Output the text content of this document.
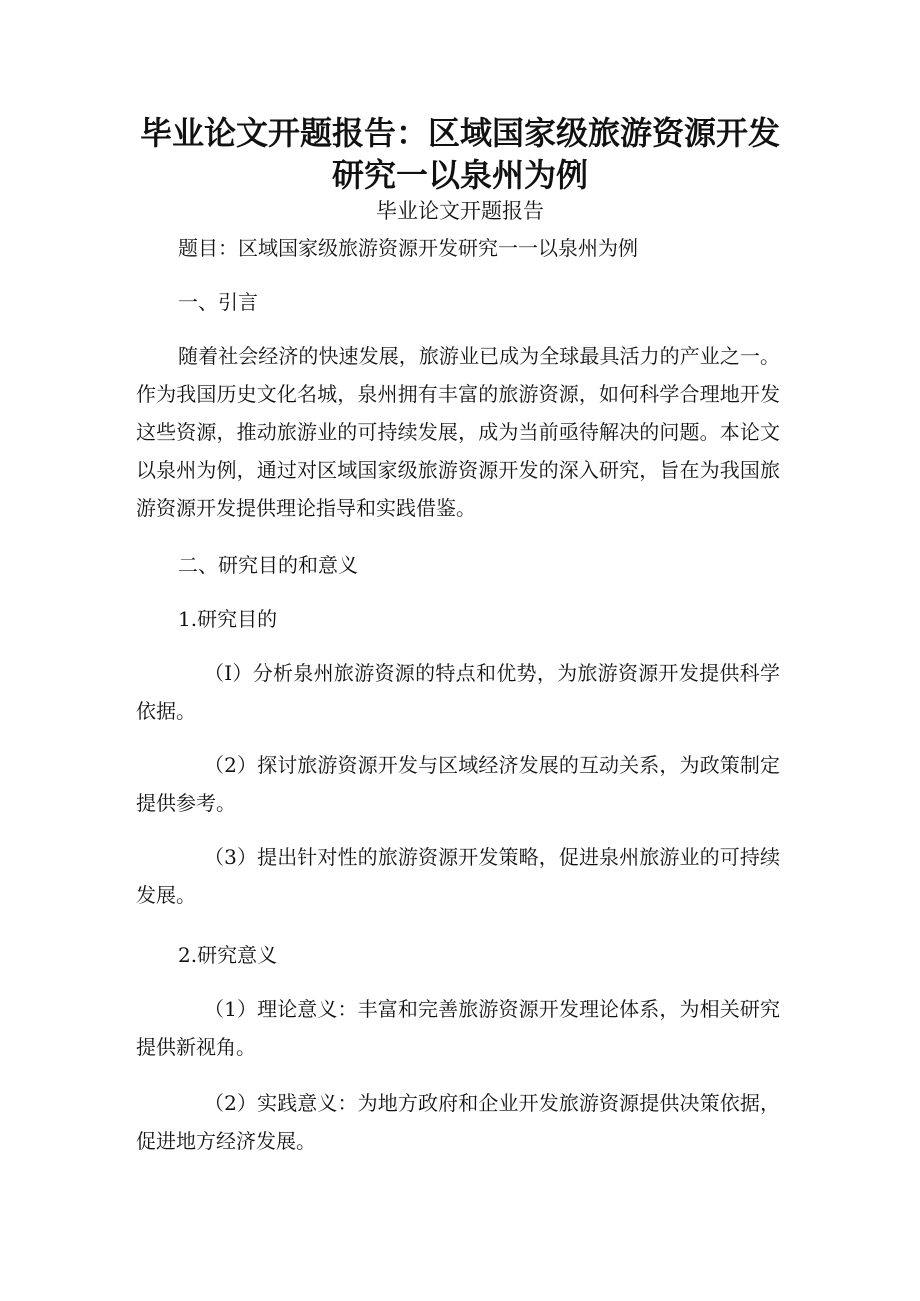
毕业论文开题报告：区域国家级旅游资源开发研究一以泉州为例
毕业论文开题报告

题目：区域国家级旅游资源开发研究一一以泉州为例

一、引言

随着社会经济的快速发展，旅游业已成为全球最具活力的产业之一。作为我国历史文化名城，泉州拥有丰富的旅游资源，如何科学合理地开发这些资源，推动旅游业的可持续发展，成为当前亟待解决的问题。本论文以泉州为例，通过对区域国家级旅游资源开发的深入研究，旨在为我国旅游资源开发提供理论指导和实践借鉴。

二、研究目的和意义

1.研究目的

（I）分析泉州旅游资源的特点和优势，为旅游资源开发提供科学依据。

（2）探讨旅游资源开发与区域经济发展的互动关系，为政策制定提供参考。

（3）提出针对性的旅游资源开发策略，促进泉州旅游业的可持续发展。

2.研究意义

（1）理论意义：丰富和完善旅游资源开发理论体系，为相关研究提供新视角。

（2）实践意义：为地方政府和企业开发旅游资源提供决策依据，促进地方经济发展。
